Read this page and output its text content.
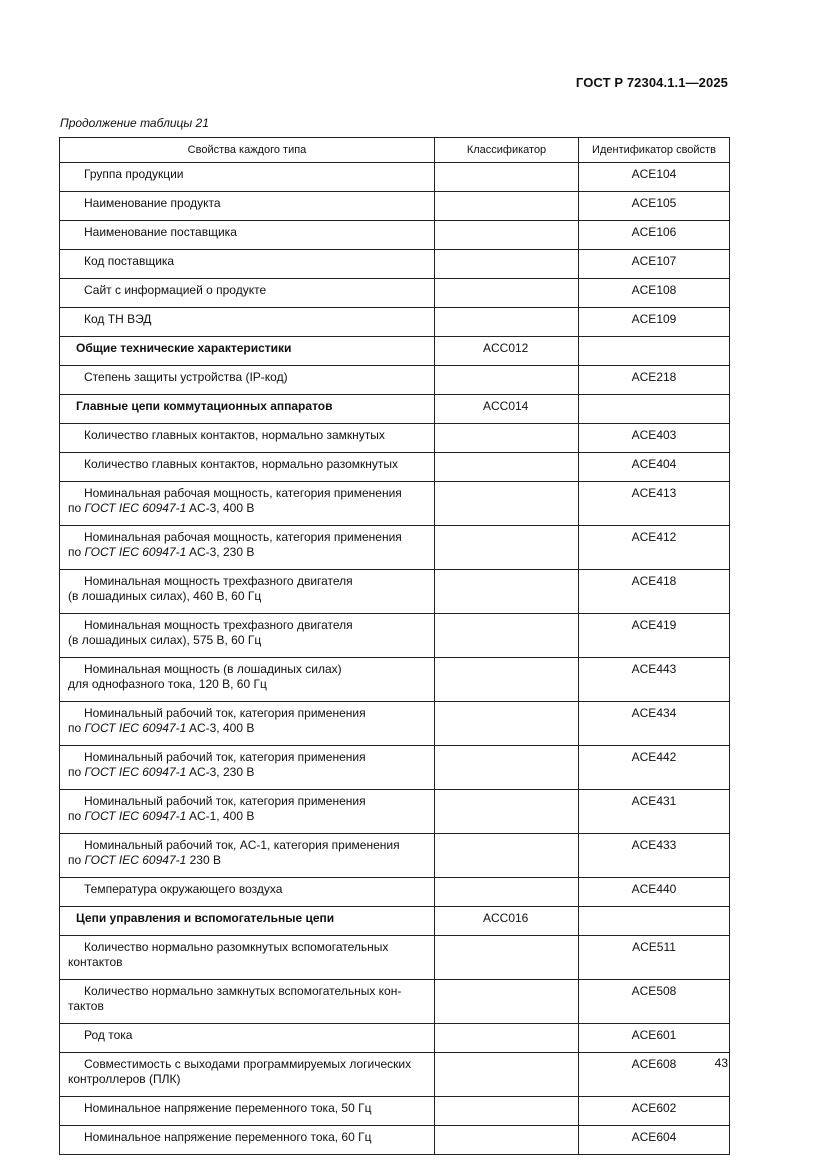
ГОСТ Р 72304.1.1—2025
Продолжение таблицы 21
Свойства каждого типа	Классификатор	Идентификатор свойств

Группа продукции		ACE104

Наименование продукта		ACE105

Наименование поставщика		ACE106

Код поставщика		ACE107

Сайт с информацией о продукте		ACE108

Код ТН ВЭД		ACE109

Общие технические характеристики	ACC012	

Степень защиты устройства (IP-код)		ACE218

Главные цепи коммутационных аппаратов	ACC014	

Количество главных контактов, нормально замкнутых		ACE403

Количество главных контактов, нормально разомкнутых		ACE404

Номинальная рабочая мощность, категория применения
по ГОСТ IEC 60947-1 AC-3, 400 В		ACE413

Номинальная рабочая мощность, категория применения
по ГОСТ IEC 60947-1 AC-3, 230 В		ACE412

Номинальная мощность трехфазного двигателя
(в лошадиных силах), 460 В, 60 Гц		ACE418

Номинальная мощность трехфазного двигателя
(в лошадиных силах), 575 В, 60 Гц		ACE419

Номинальная мощность (в лошадиных силах)
для однофазного тока, 120 В, 60 Гц		ACE443

Номинальный рабочий ток, категория применения
по ГОСТ IEC 60947-1 AC-3, 400 В		ACE434

Номинальный рабочий ток, категория применения
по ГОСТ IEC 60947-1 AC-3, 230 В		ACE442

Номинальный рабочий ток, категория применения
по ГОСТ IEC 60947-1 AC-1, 400 В		ACE431

Номинальный рабочий ток, AC-1, категория применения
по ГОСТ IEC 60947-1 230 В		ACE433

Температура окружающего воздуха		ACE440

Цепи управления и вспомогательные цепи	ACC016	

Количество нормально разомкнутых вспомогательных
контактов		ACE511

Количество нормально замкнутых вспомогательных кон-
тактов		ACE508

Род тока		ACE601

Совместимость с выходами программируемых логических
контроллеров (ПЛК)		ACE608

Номинальное напряжение переменного тока, 50 Гц		ACE602

Номинальное напряжение переменного тока, 60 Гц		ACE604
43
